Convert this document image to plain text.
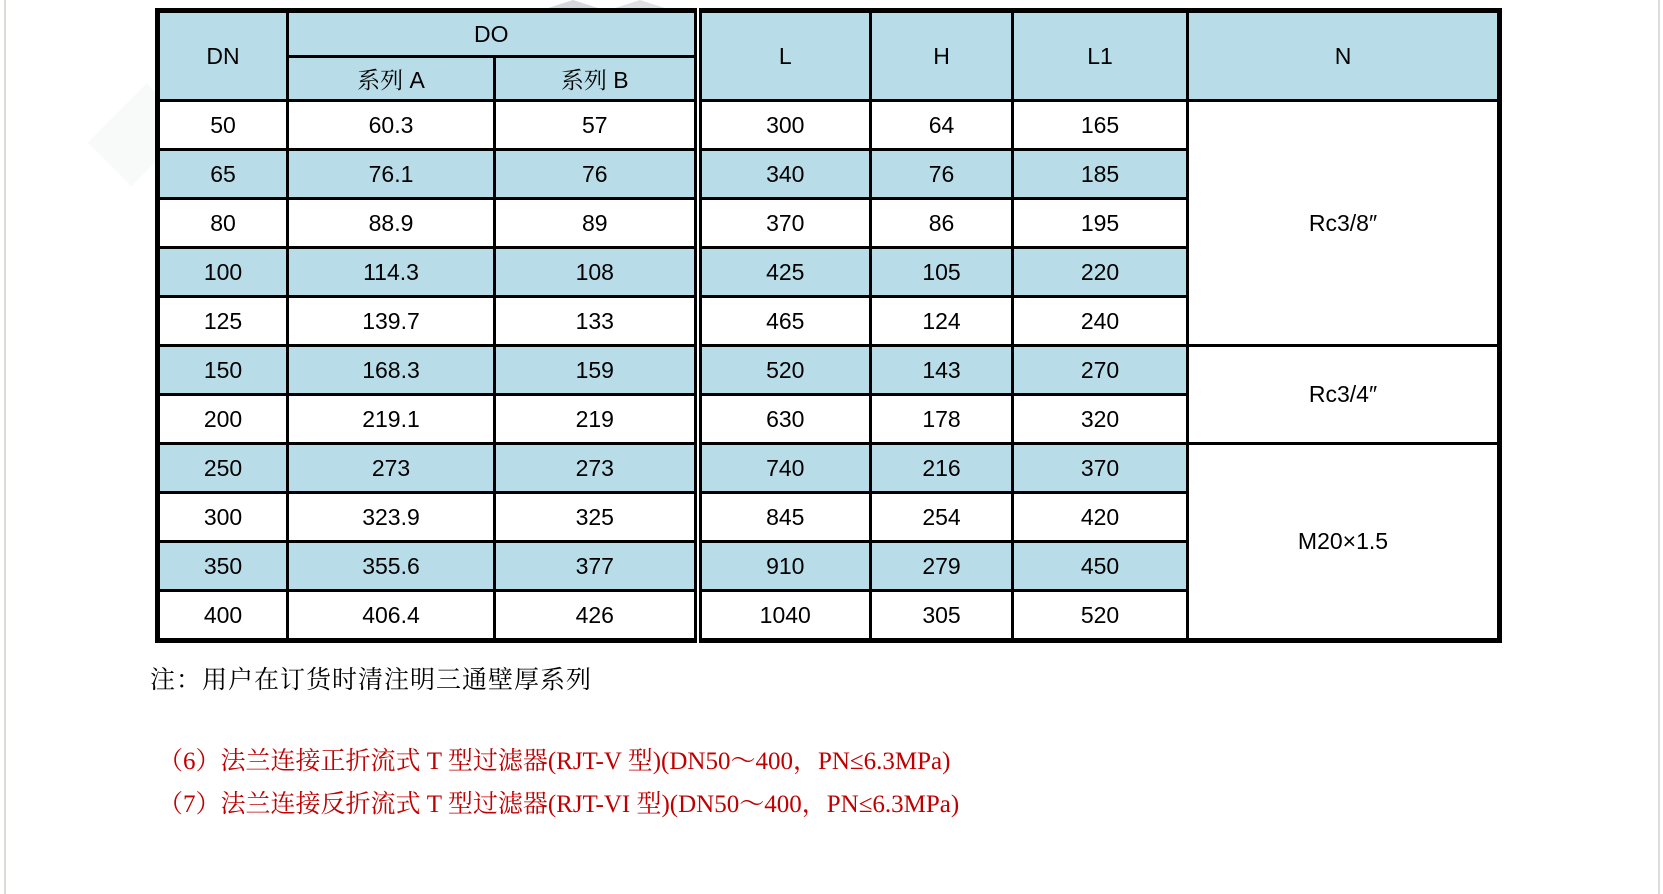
DN	DO		L	H	L1	N
	系列 A	系列 B				
50	60.3	57	300	64	165	Rc3/8″
65	76.1	76	340	76	185	
80	88.9	89	370	86	195	
100	114.3	108	425	105	220	
125	139.7	133	465	124	240	
150	168.3	159	520	143	270	Rc3/4″
200	219.1	219	630	178	320	
250	273	273	740	216	370	M20×1.5
300	323.9	325	845	254	420	
350	355.6	377	910	279	450	
400	406.4	426	1040	305	520	
注：用户在订货时清注明三通壁厚系列
（6）法兰连接正折流式 T 型过滤器(RJT-V 型)(DN50～400，PN≤6.3MPa)
（7）法兰连接反折流式 T 型过滤器(RJT-VI 型)(DN50～400，PN≤6.3MPa)
